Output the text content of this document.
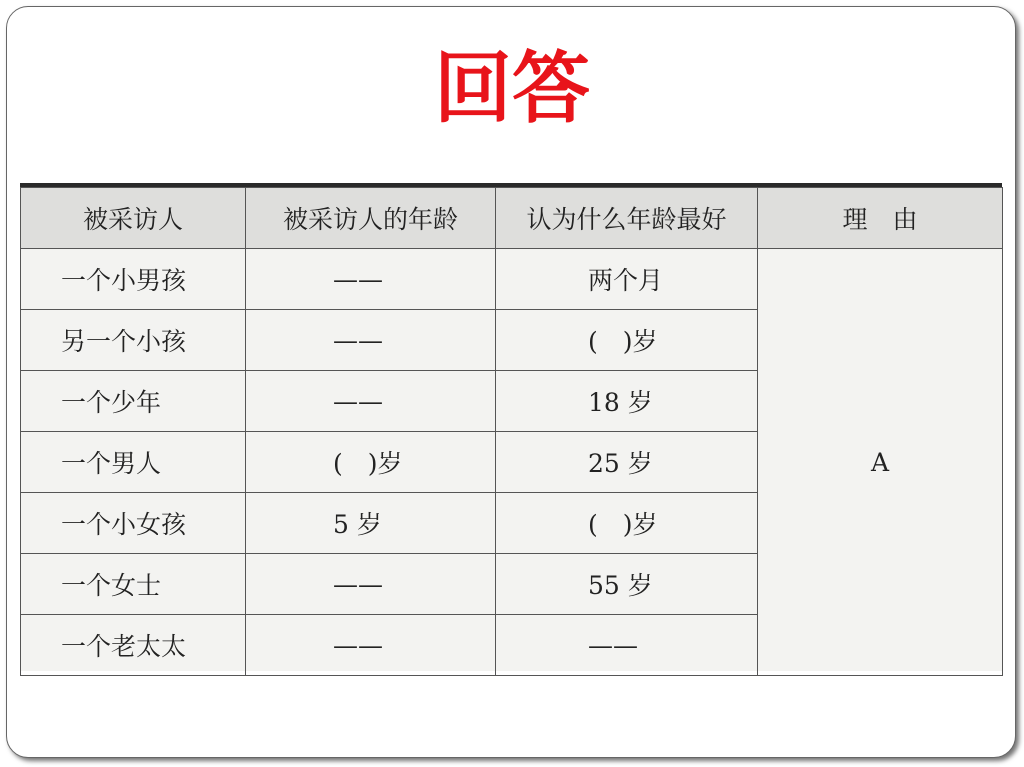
回答
被采访人	被采访人的年龄	认为什么年龄最好	理　由
一个小男孩	——	两个月	A
另一个小孩	——	(　)岁	
一个少年	——	18 岁	
一个男人	(　)岁	25 岁	
一个小女孩	5 岁	(　)岁	
一个女士	——	55 岁	
一个老太太	——	——	
